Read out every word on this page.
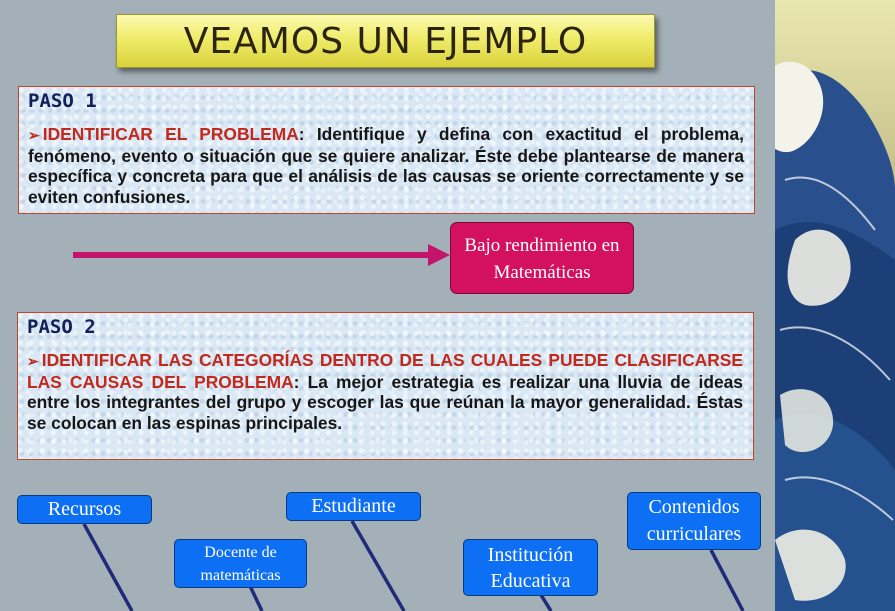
VEAMOS UN EJEMPLO
PASO 1
➢ IDENTIFICAR EL PROBLEMA: Identifique y defina con exactitud el problema, fenómeno, evento o situación que se quiere analizar. Éste debe plantearse de manera específica y concreta para que el análisis de las causas se oriente correctamente y se eviten confusiones.
Bajo rendimiento en
Matemáticas
PASO 2
➢ IDENTIFICAR LAS CATEGORÍAS DENTRO DE LAS CUALES PUEDE CLASIFICARSE LAS CAUSAS DEL PROBLEMA: La mejor estrategia es realizar una lluvia de ideas entre los integrantes del grupo y escoger las que reúnan la mayor generalidad. Éstas se colocan en las espinas principales.
Recursos	Estudiante
Docente de
matemáticas
Institución
Educativa
Contenidos
curriculares
